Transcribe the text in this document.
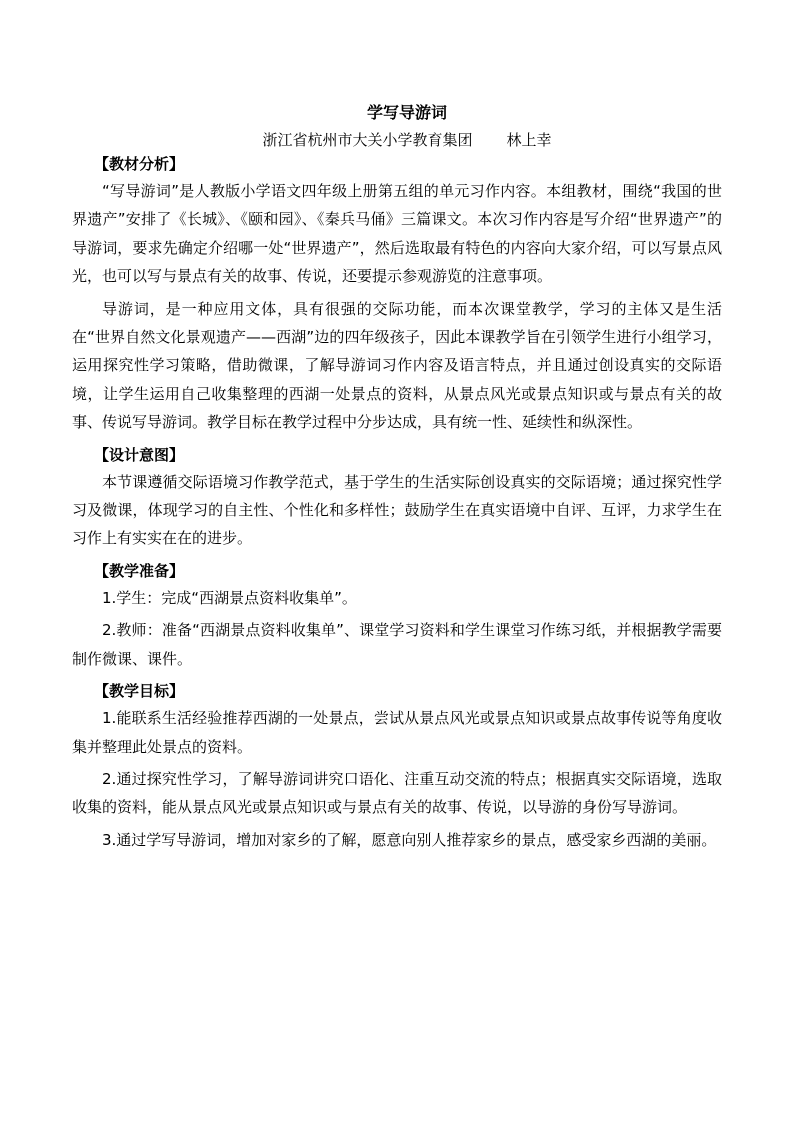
学写导游词

浙江省杭州市大关小学教育集团 林上幸

【教材分析】

“写导游词”是人教版小学语文四年级上册第五组的单元习作内容。本组教材，围绕“我国的世界遗产”安排了《长城》、《颐和园》、《秦兵马俑》三篇课文。本次习作内容是写介绍“世界遗产”的导游词，要求先确定介绍哪一处“世界遗产”，然后选取最有特色的内容向大家介绍，可以写景点风光，也可以写与景点有关的故事、传说，还要提示参观游览的注意事项。

导游词，是一种应用文体，具有很强的交际功能，而本次课堂教学，学习的主体又是生活在“世界自然文化景观遗产——西湖”边的四年级孩子，因此本课教学旨在引领学生进行小组学习，运用探究性学习策略，借助微课，了解导游词习作内容及语言特点，并且通过创设真实的交际语境，让学生运用自己收集整理的西湖一处景点的资料，从景点风光或景点知识或与景点有关的故事、传说写导游词。教学目标在教学过程中分步达成，具有统一性、延续性和纵深性。

【设计意图】

本节课遵循交际语境习作教学范式，基于学生的生活实际创设真实的交际语境；通过探究性学习及微课，体现学习的自主性、个性化和多样性；鼓励学生在真实语境中自评、互评，力求学生在习作上有实实在在的进步。

【教学准备】

1.学生：完成“西湖景点资料收集单”。

2.教师：准备“西湖景点资料收集单”、课堂学习资料和学生课堂习作练习纸，并根据教学需要制作微课、课件。

【教学目标】

1.能联系生活经验推荐西湖的一处景点，尝试从景点风光或景点知识或景点故事传说等角度收集并整理此处景点的资料。

2.通过探究性学习，了解导游词讲究口语化、注重互动交流的特点；根据真实交际语境，选取收集的资料，能从景点风光或景点知识或与景点有关的故事、传说，以导游的身份写导游词。

3.通过学写导游词，增加对家乡的了解，愿意向别人推荐家乡的景点，感受家乡西湖的美丽。
